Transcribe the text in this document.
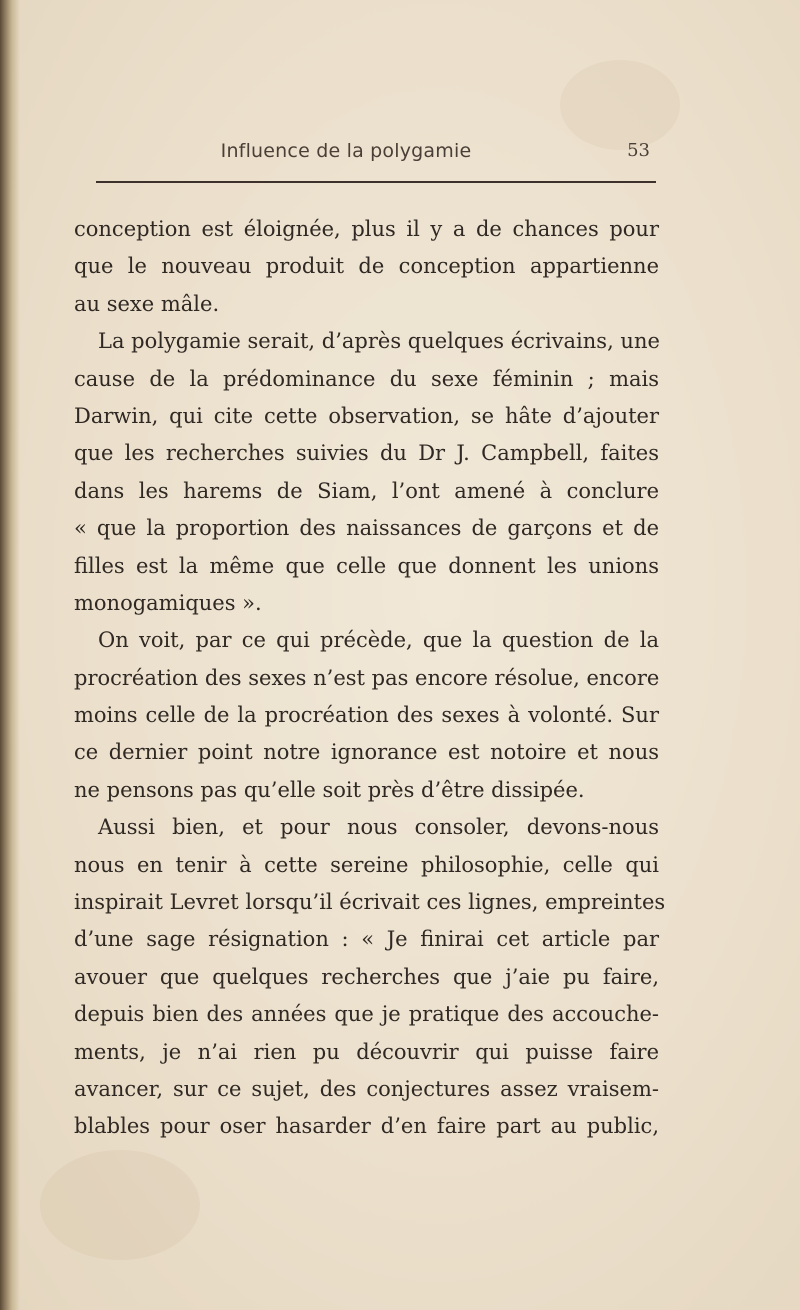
Influence de la polygamie	53
conception est éloignée, plus il y a de chances pour
que le nouveau produit de conception appartienne
au sexe mâle.
La polygamie serait, d’après quelques écrivains, une
cause de la prédominance du sexe féminin ; mais
Darwin, qui cite cette observation, se hâte d’ajouter
que les recherches suivies du Dr J. Campbell, faites
dans les harems de Siam, l’ont amené à conclure
« que la proportion des naissances de garçons et de
filles est la même que celle que donnent les unions
monogamiques ».
On voit, par ce qui précède, que la question de la
procréation des sexes n’est pas encore résolue, encore
moins celle de la procréation des sexes à volonté. Sur
ce dernier point notre ignorance est notoire et nous
ne pensons pas qu’elle soit près d’être dissipée.
Aussi bien, et pour nous consoler, devons-nous
nous en tenir à cette sereine philosophie, celle qui
inspirait Levret lorsqu’il écrivait ces lignes, empreintes
d’une sage résignation : « Je finirai cet article par
avouer que quelques recherches que j’aie pu faire,
depuis bien des années que je pratique des accouche-
ments, je n’ai rien pu découvrir qui puisse faire
avancer, sur ce sujet, des conjectures assez vraisem-
blables pour oser hasarder d’en faire part au public,
